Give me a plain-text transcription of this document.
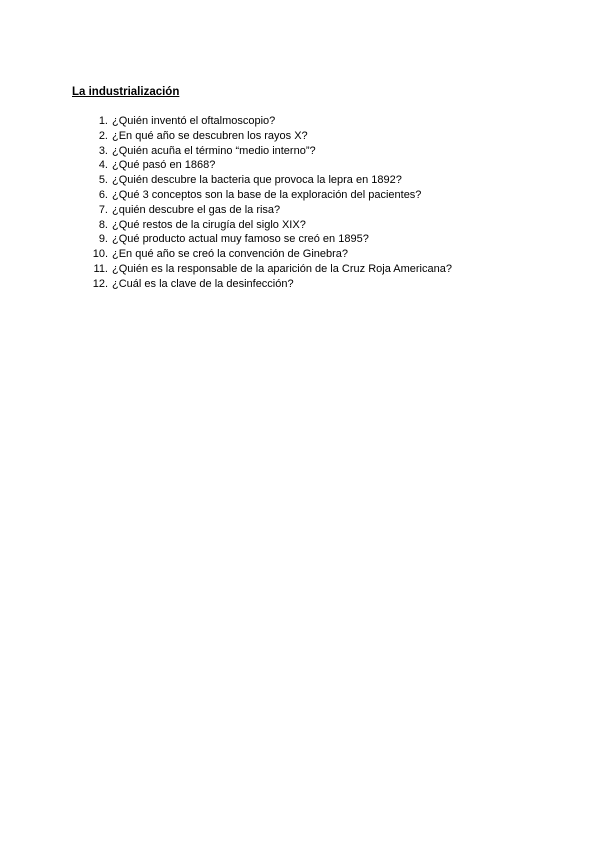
La industrialización
1. ¿Quién inventó el oftalmoscopio?
2. ¿En qué año se descubren los rayos X?
3. ¿Quién acuña el término “medio interno”?
4. ¿Qué pasó en 1868?
5. ¿Quién descubre la bacteria que provoca la lepra en 1892?
6. ¿Qué 3 conceptos son la base de la exploración del pacientes?
7. ¿quién descubre el gas de la risa?
8. ¿Qué restos de la cirugía del siglo XIX?
9. ¿Qué producto actual muy famoso se creó en 1895?
10. ¿En qué año se creó la convención de Ginebra?
11. ¿Quién es la responsable de la aparición de la Cruz Roja Americana?
12. ¿Cuál es la clave de la desinfección?
